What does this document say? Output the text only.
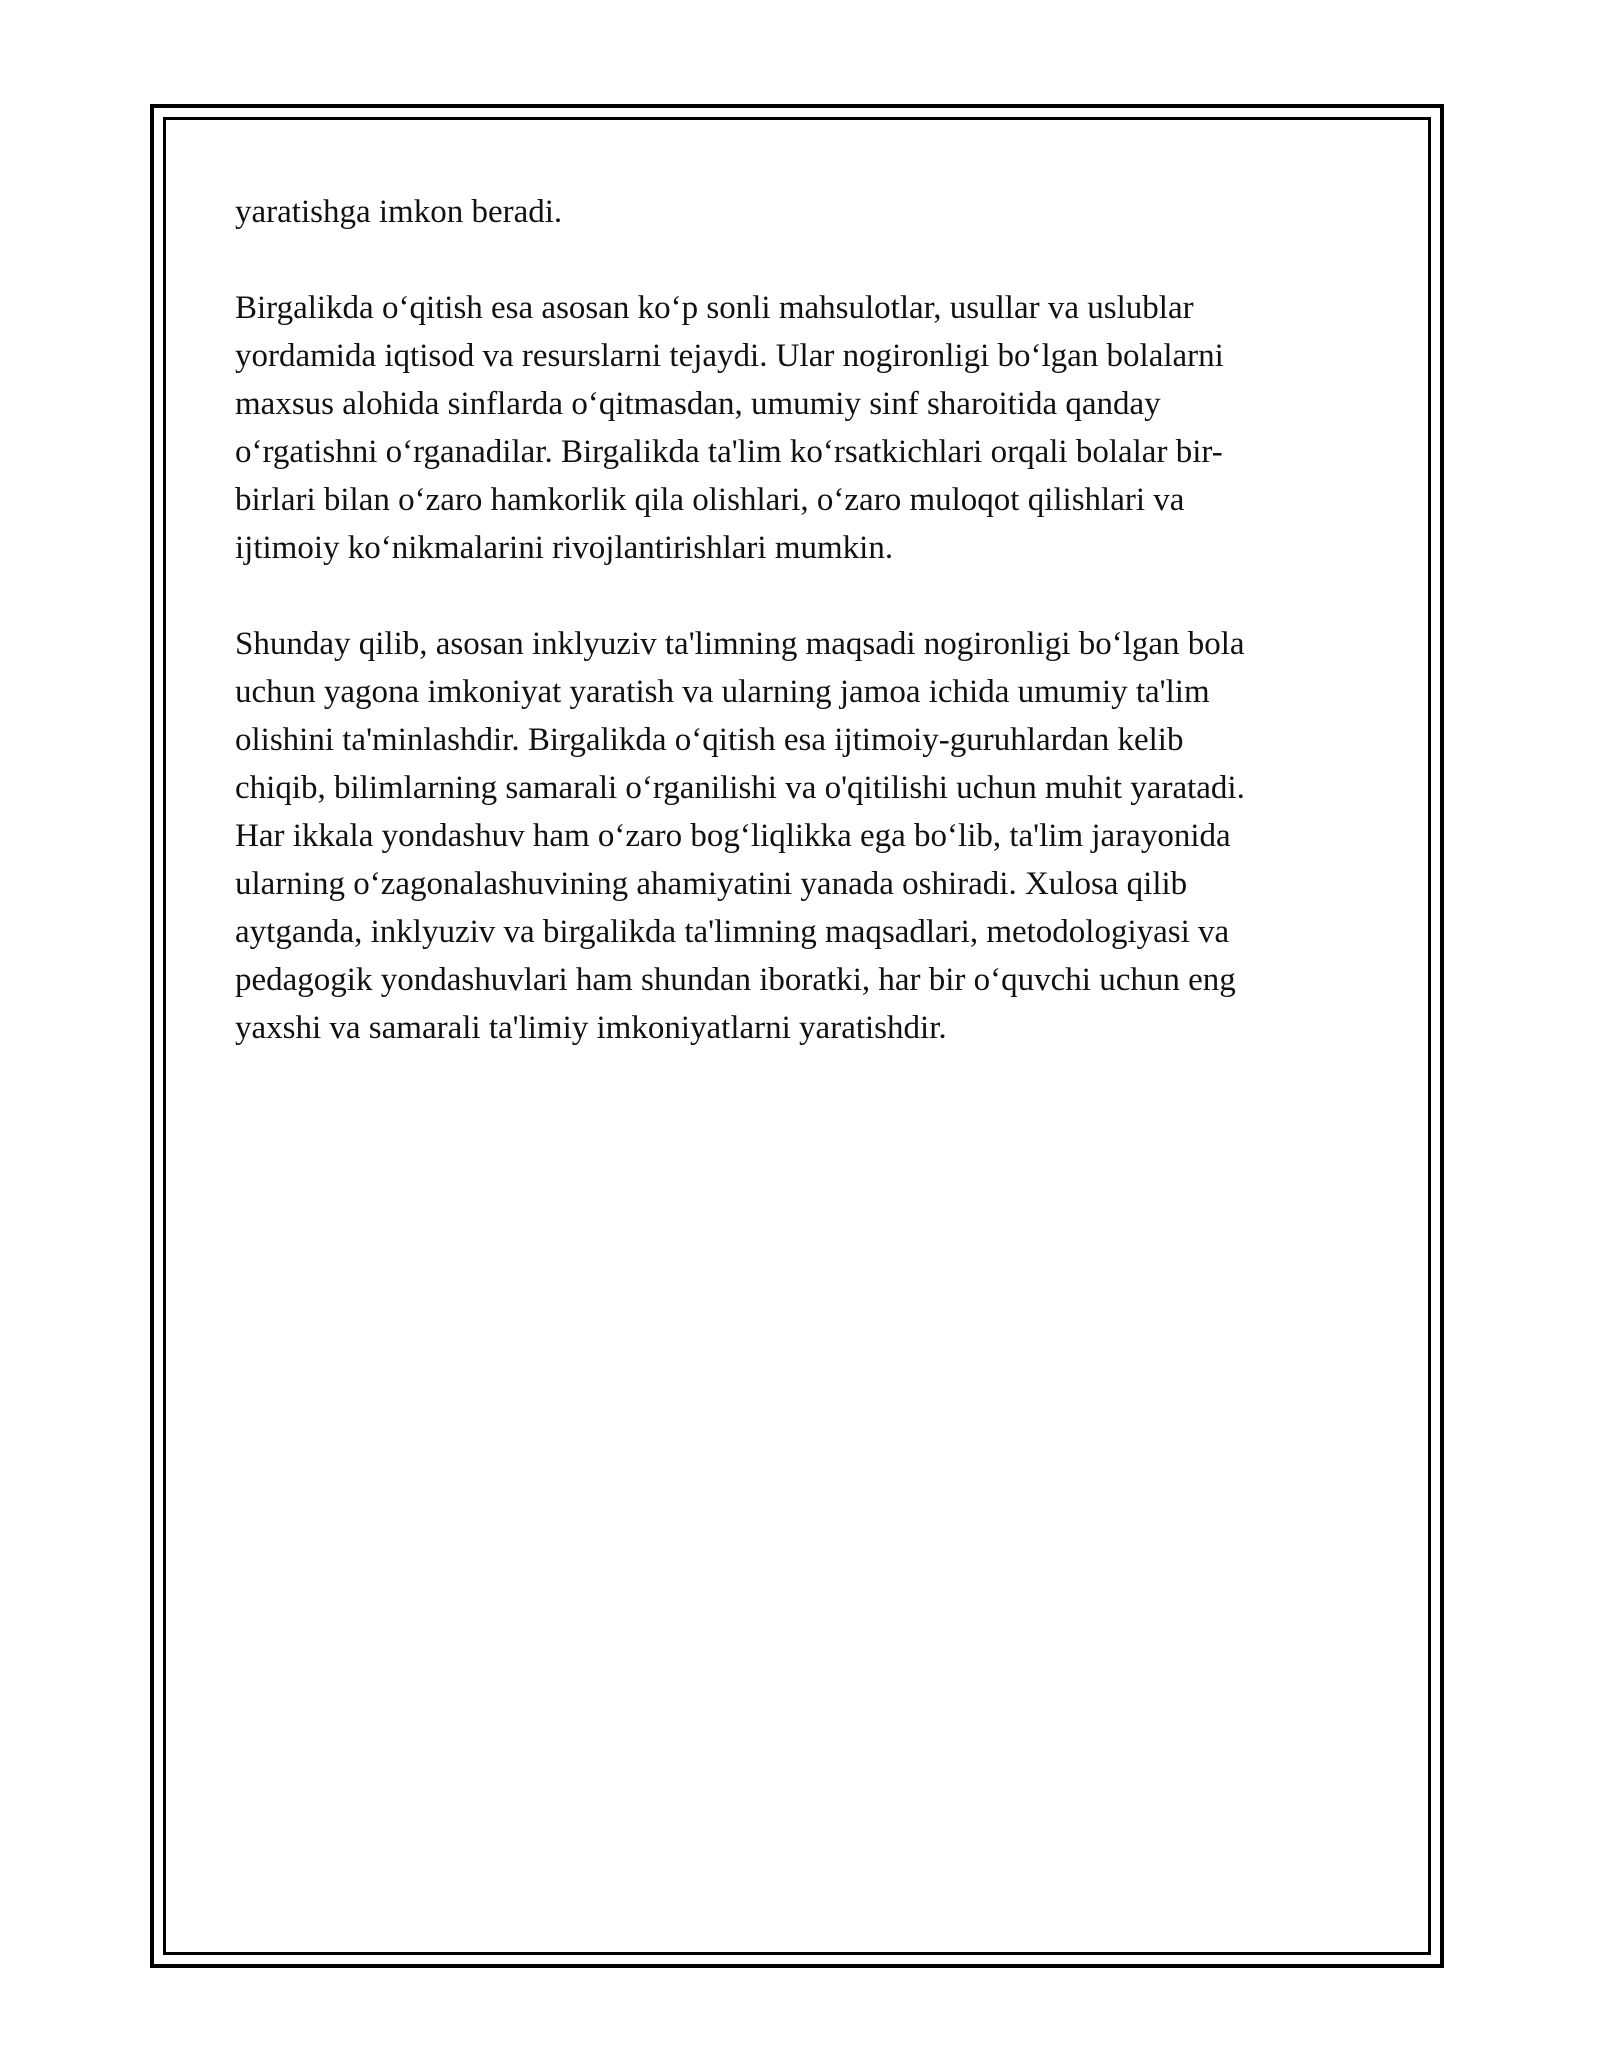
yaratishga imkon beradi.

Birgalikda o‘qitish esa asosan ko‘p sonli mahsulotlar, usullar va uslublar
yordamida iqtisod va resurslarni tejaydi. Ular nogironligi bo‘lgan bolalarni
maxsus alohida sinflarda o‘qitmasdan, umumiy sinf sharoitida qanday
o‘rgatishni o‘rganadilar. Birgalikda ta'lim ko‘rsatkichlari orqali bolalar bir-
birlari bilan o‘zaro hamkorlik qila olishlari, o‘zaro muloqot qilishlari va
ijtimoiy ko‘nikmalarini rivojlantirishlari mumkin.

Shunday qilib, asosan inklyuziv ta'limning maqsadi nogironligi bo‘lgan bola
uchun yagona imkoniyat yaratish va ularning jamoa ichida umumiy ta'lim
olishini ta'minlashdir. Birgalikda o‘qitish esa ijtimoiy-guruhlardan kelib
chiqib, bilimlarning samarali o‘rganilishi va o'qitilishi uchun muhit yaratadi.
Har ikkala yondashuv ham o‘zaro bog‘liqlikka ega bo‘lib, ta'lim jarayonida
ularning o‘zagonalashuvining ahamiyatini yanada oshiradi. Xulosa qilib
aytganda, inklyuziv va birgalikda ta'limning maqsadlari, metodologiyasi va
pedagogik yondashuvlari ham shundan iboratki, har bir o‘quvchi uchun eng
yaxshi va samarali ta'limiy imkoniyatlarni yaratishdir.
